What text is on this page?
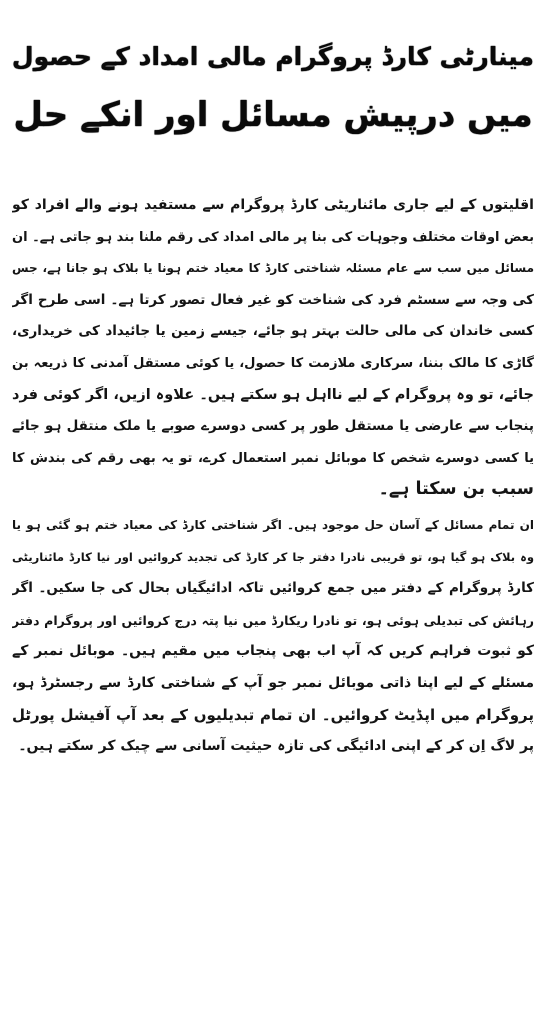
مینارٹی کارڈ پروگرام مالی امداد کے حصول
میں درپیش مسائل اور انکے حل

اقلیتوں کے لیے جاری مائناریٹی کارڈ پروگرام سے مستفید ہونے والے افراد کو
بعض اوقات مختلف وجوہات کی بنا پر مالی امداد کی رقم ملنا بند ہو جاتی ہے۔ ان
مسائل میں سب سے عام مسئلہ شناختی کارڈ کا معیاد ختم ہونا یا بلاک ہو جانا ہے، جس
کی وجہ سے سسٹم فرد کی شناخت کو غیر فعال تصور کرتا ہے۔ اسی طرح اگر
کسی خاندان کی مالی حالت بہتر ہو جائے، جیسے زمین یا جائیداد کی خریداری،
گاڑی کا مالک بننا، سرکاری ملازمت کا حصول، یا کوئی مستقل آمدنی کا ذریعہ بن
جائے، تو وہ پروگرام کے لیے نااہل ہو سکتے ہیں۔ علاوہ ازیں، اگر کوئی فرد
پنجاب سے عارضی یا مستقل طور پر کسی دوسرے صوبے یا ملک منتقل ہو جائے
یا کسی دوسرے شخص کا موبائل نمبر استعمال کرے، تو یہ بھی رقم کی بندش کا
سبب بن سکتا ہے۔

ان تمام مسائل کے آسان حل موجود ہیں۔ اگر شناختی کارڈ کی معیاد ختم ہو گئی ہو یا
وہ بلاک ہو گیا ہو، تو قریبی نادرا دفتر جا کر کارڈ کی تجدید کروائیں اور نیا کارڈ مائناریٹی
کارڈ پروگرام کے دفتر میں جمع کروائیں تاکہ ادائیگیاں بحال کی جا سکیں۔ اگر
رہائش کی تبدیلی ہوئی ہو، تو نادرا ریکارڈ میں نیا پتہ درج کروائیں اور پروگرام دفتر
کو ثبوت فراہم کریں کہ آپ اب بھی پنجاب میں مقیم ہیں۔ موبائل نمبر کے
مسئلے کے لیے اپنا ذاتی موبائل نمبر جو آپ کے شناختی کارڈ سے رجسٹرڈ ہو،
پروگرام میں اپڈیٹ کروائیں۔ ان تمام تبدیلیوں کے بعد آپ آفیشل پورٹل
پر لاگ اِن کر کے اپنی ادائیگی کی تازہ حیثیت آسانی سے چیک کر سکتے ہیں۔
